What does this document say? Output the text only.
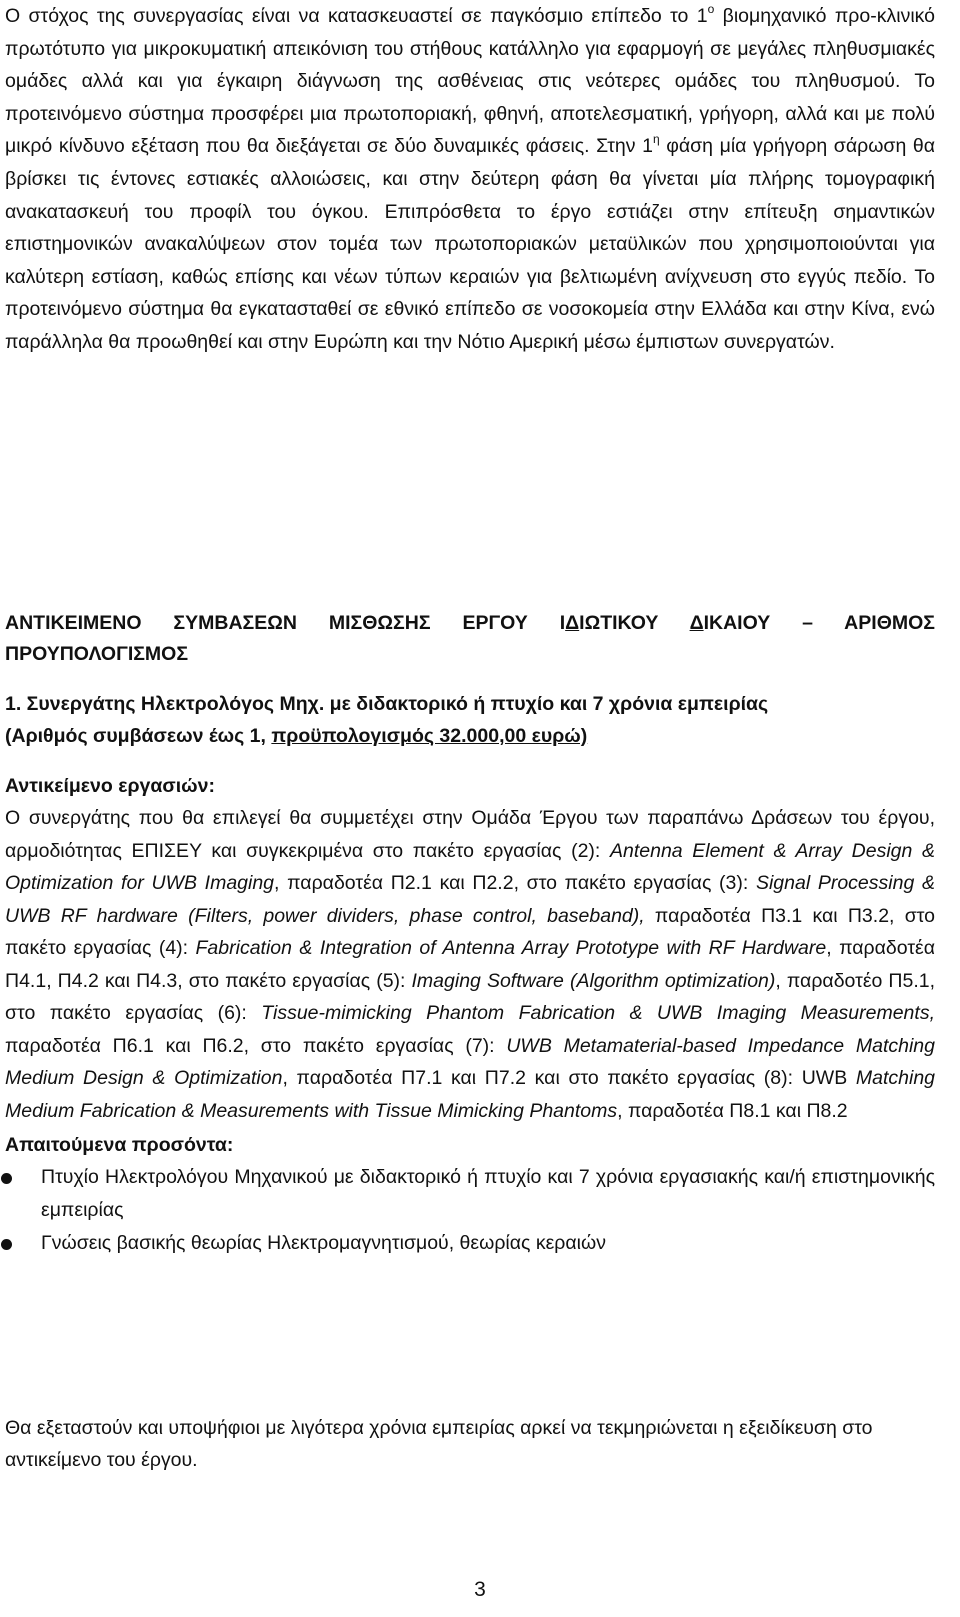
Ο στόχος της συνεργασίας είναι να κατασκευαστεί σε παγκόσμιο επίπεδο το $1^o$ βιομηχανικό προ-κλινικό πρωτότυπο για μικροκυματική απεικόνιση του στήθους κατάλληλο για εφαρμογή σε μεγάλες πληθυσμιακές ομάδες αλλά και για έγκαιρη διάγνωση της ασθένειας στις νεότερες ομάδες του πληθυσμού. Το προτεινόμενο σύστημα προσφέρει μια πρωτοποριακή, φθηνή, αποτελεσματική, γρήγορη, αλλά και με πολύ μικρό κίνδυνο εξέταση που θα διεξάγεται σε δύο δυναμικές φάσεις. Στην $1^\eta$ φάση μία γρήγορη σάρωση θα βρίσκει τις έντονες εστιακές αλλοιώσεις, και στην δεύτερη φάση θα γίνεται μία πλήρης τομογραφική ανακατασκευή του προφίλ του όγκου. Επιπρόσθετα το έργο εστιάζει στην επίτευξη σημαντικών επιστημονικών ανακαλύψεων στον τομέα των πρωτοποριακών μεταϋλικών που χρησιμοποιούνται για καλύτερη εστίαση, καθώς επίσης και νέων τύπων κεραιών για βελτιωμένη ανίχνευση στο εγγύς πεδίο. Το προτεινόμενο σύστημα θα εγκατασταθεί σε εθνικό επίπεδο σε νοσοκομεία στην Ελλάδα και στην Κίνα, ενώ παράλληλα θα προωθηθεί και στην Ευρώπη και την Νότιο Αμερική μέσω έμπιστων συνεργατών.
ΑΝΤΙΚΕΙΜΕΝΟ ΣΥΜΒΑΣΕΩΝ ΜΙΣΘΩΣΗΣ ΕΡΓΟΥ ΙΔΙΩΤΙΚΟΥ ΔΙΚΑΙΟΥ – ΑΡΙΘΜΟΣ ΠΡΟΥΠΟΛΟΓΙΣΜΟΣ
1. Συνεργάτης Ηλεκτρολόγος Μηχ. με διδακτορικό ή πτυχίο και 7 χρόνια εμπειρίας
(Αριθμός συμβάσεων έως 1, προϋπολογισμός 32.000,00 ευρώ)
Αντικείμενο εργασιών:
Ο συνεργάτης που θα επιλεγεί θα συμμετέχει στην Ομάδα Έργου των παραπάνω Δράσεων του έργου, αρμοδιότητας ΕΠΙΣΕΥ και συγκεκριμένα στο πακέτο εργασίας (2): Antenna Element & Array Design & Optimization for UWB Imaging, παραδοτέα Π2.1 και Π2.2, στο πακέτο εργασίας (3): Signal Processing & UWB RF hardware (Filters, power dividers, phase control, baseband), παραδοτέα Π3.1 και Π3.2, στο πακέτο εργασίας (4): Fabrication & Integration of Antenna Array Prototype with RF Hardware, παραδοτέα Π4.1, Π4.2 και Π4.3, στο πακέτο εργασίας (5): Imaging Software (Algorithm optimization), παραδοτέο Π5.1, στο πακέτο εργασίας (6): Tissue-mimicking Phantom Fabrication & UWB Imaging Measurements, παραδοτέα Π6.1 και Π6.2, στο πακέτο εργασίας (7): UWB Metamaterial-based Impedance Matching Medium Design & Optimization, παραδοτέα Π7.1 και Π7.2 και στο πακέτο εργασίας (8): UWB Matching Medium Fabrication & Measurements with Tissue Mimicking Phantoms, παραδοτέα Π8.1 και Π8.2
Απαιτούμενα προσόντα:
Πτυχίο Ηλεκτρολόγου Μηχανικού με διδακτορικό ή πτυχίο και 7 χρόνια εργασιακής και/ή επιστημονικής εμπειρίας
Γνώσεις βασικής θεωρίας Ηλεκτρομαγνητισμού, θεωρίας κεραιών
Θα εξεταστούν και υποψήφιοι με λιγότερα χρόνια εμπειρίας αρκεί να τεκμηριώνεται η εξειδίκευση στο αντικείμενο του έργου.
3
